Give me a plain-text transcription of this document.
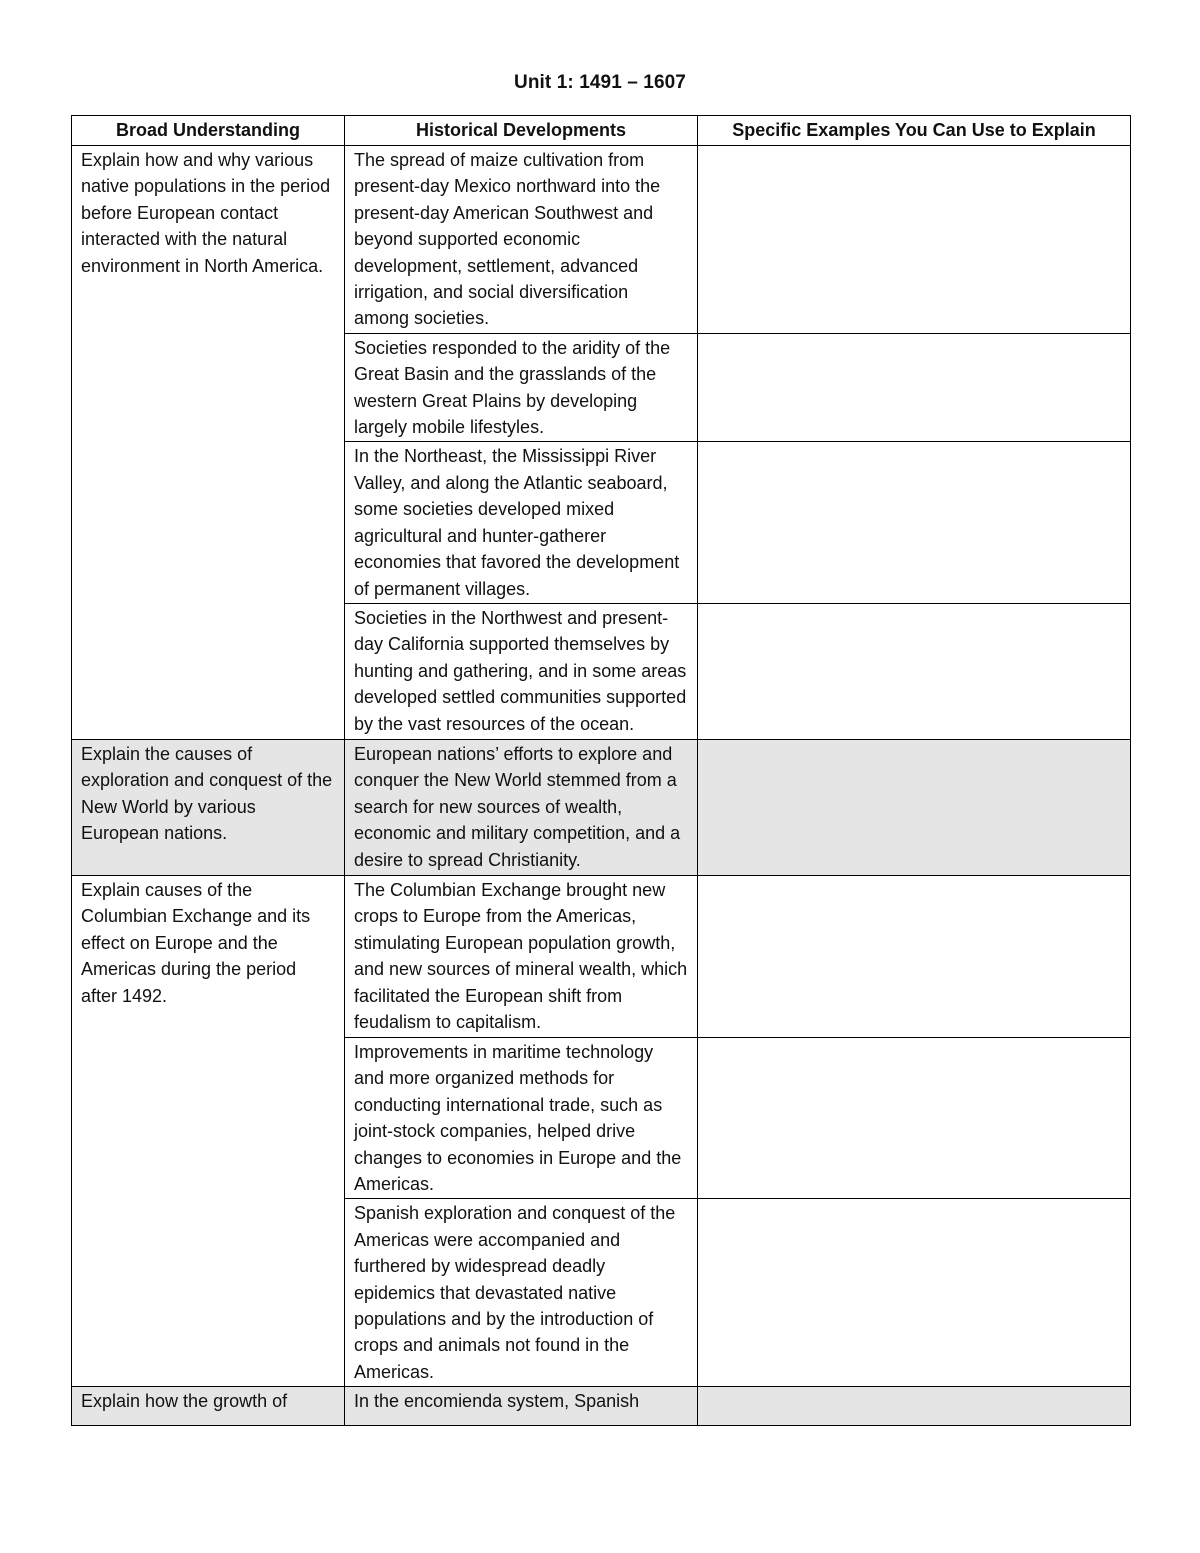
Unit 1: 1491 – 1607
Broad Understanding	Historical Developments	Specific Examples You Can Use to Explain
Explain how and why various native populations in the period before European contact interacted with the natural environment in North America.	The spread of maize cultivation from present-day Mexico northward into the present-day American Southwest and beyond supported economic development, settlement, advanced irrigation, and social diversification among societies.	
	Societies responded to the aridity of the Great Basin and the grasslands of the western Great Plains by developing largely mobile lifestyles.	
	In the Northeast, the Mississippi River Valley, and along the Atlantic seaboard, some societies developed mixed agricultural and hunter-gatherer economies that favored the development of permanent villages.	
	Societies in the Northwest and present-day California supported themselves by hunting and gathering, and in some areas developed settled communities supported by the vast resources of the ocean.	
Explain the causes of exploration and conquest of the New World by various European nations.	European nations’ efforts to explore and conquer the New World stemmed from a search for new sources of wealth, economic and military competition, and a desire to spread Christianity.	
Explain causes of the Columbian Exchange and its effect on Europe and the Americas during the period after 1492.	The Columbian Exchange brought new crops to Europe from the Americas, stimulating European population growth, and new sources of mineral wealth, which facilitated the European shift from feudalism to capitalism.	
	Improvements in maritime technology and more organized methods for conducting international trade, such as joint-stock companies, helped drive changes to economies in Europe and the Americas.	
	Spanish exploration and conquest of the Americas were accompanied and furthered by widespread deadly epidemics that devastated native populations and by the introduction of crops and animals not found in the Americas.	

Explain how the growth of	In the encomienda system, Spanish	
